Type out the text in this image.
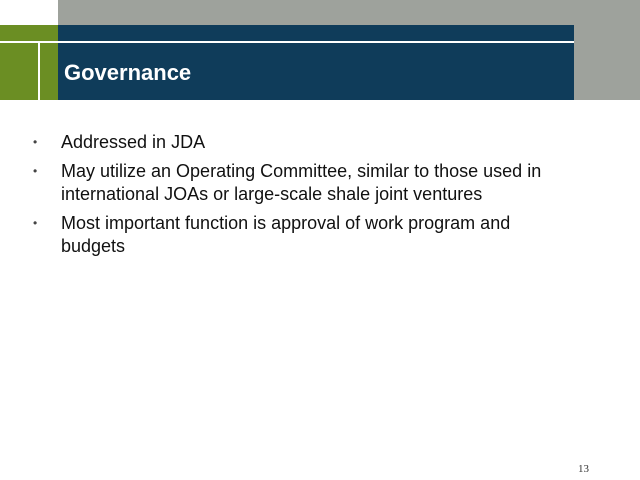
Governance
• Addressed in JDA
• May utilize an Operating Committee, similar to those used in international JOAs or large-scale shale joint ventures
• Most important function is approval of work program and budgets
13
